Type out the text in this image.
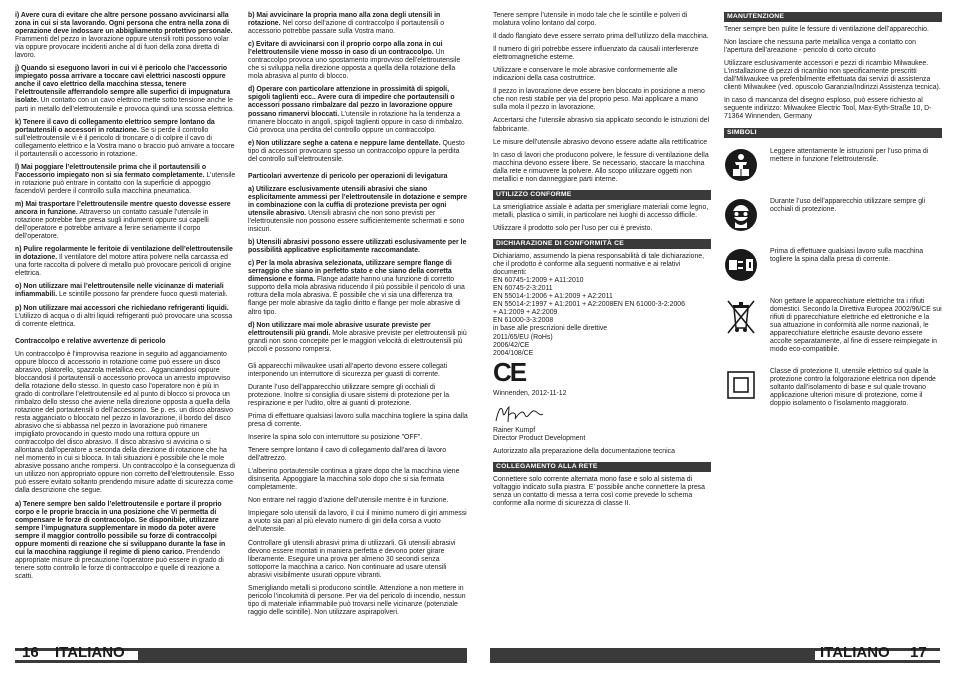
i) Avere cura di evitare che altre persone possano avvicinarsi alla zona in cui si sta lavorando. Ogni persona che entra nella zona di operazione deve indossare un abbigliamento protettivo personale. Frammenti del pezzo in lavorazione oppure utensili rotti possono volar via oppure provocare incidenti anche al di fuori della zona diretta di lavoro.

j) Quando si eseguono lavori in cui vi è pericolo che l’accessorio impiegato possa arrivare a toccare cavi elettrici nascosti oppure anche il cavo elettrico della macchina stessa, tenere l’elettroutensile afferrandolo sempre alle superfici di impugnatura isolate. Un contatto con un cavo elettrico mette sotto tensione anche le parti in metallo dell’elettroutensile e provoca quindi una scossa elettrica.

k) Tenere il cavo di collegamento elettrico sempre lontano da portautensili o accessori in rotazione. Se si perde il controllo sull’elettroutensile vi è il pericolo di troncare o di colpire il cavo di collegamento elettrico e la Vostra mano o braccio può arrivare a toccare il portautensili o accessorio in rotazione.

l) Mai poggiare l’elettroutensile prima che il portautensili o l’accessorio impiegato non si sia fermato completamente. L’utensile in rotazione può entrare in contatto con la superficie di appoggio facendoVi perdere il controllo sulla macchina pneumatica.

m) Mai trasportare l’elettroutensile mentre questo dovesse essere ancora in funzione. Attraverso un contatto casuale l’utensile in rotazione potrebbe fare presa sugli indumenti oppure sui capelli dell’operatore e potrebbe arrivare a ferire seriamente il corpo dell’operatore.

n) Pulire regolarmente le feritoie di ventilazione dell’elettroutensile in dotazione. Il ventilatore del motore attira polvere nella carcassa ed una forte raccolta di polvere di metallo può provocare pericoli di origine elettrica.

o) Non utilizzare mai l’elettroutensile nelle vicinanze di materiali infiammabili. Le scintille possono far prendere fuoco questi materiali.

p) Non utilizzare mai accessori che richiedano refrigeranti liquidi. L’utilizzo di acqua o di altri liquidi refrigeranti può provocare una scossa di corrente elettrica.

Contraccolpo e relative avvertenze di pericolo

Un contraccolpo è l’improvvisa reazione in seguito ad agganciamento oppure blocco di accessorio in rotazione come può essere un disco abrasivo, platorello, spazzola metallica ecc.. Agganciandosi oppure bloccandosi il portautensili o accessorio provoca un arresto improvviso della rotazione dello stesso. In questo caso l’operatore non è più in grado di controllare l’elettroutensile ed al punto di blocco si provoca un rimbalzo dello stesso che aviene nella direzione opposta a quella della rotazione del portautensili o dell’accessorio. Se p. es. un disco abrasivo resta agganciato o bloccato nel pezzo in lavorazione, il bordo del disco abrasivo che si abbassa nel pezzo in lavorazione può rimanere impigliato provocando in questo modo una rottura oppure un contraccolpo del disco abrasivo. Il disco abrasivo si avvicina o si allontana dall’operatore a seconda della direzione di rotazione che ha nel momento in cui si blocca. In tali situazioni è possibile che le mole abrasive possano anche rompersi. Un contraccolpo è la conseguenza di un utilizzo non appropriato oppure non corretto dell’elettroutensile. Esso può essere evitato soltanto prendendo misure adatte di sicurezza come dalla descrizione che segue.

a) Tenere sempre ben saldo l’elettroutensile e portare il proprio corpo e le proprie braccia in una posizione che Vi permetta di compensare le forze di contraccolpo. Se disponibile, utilizzare sempre l’impugnatura supplementare in modo da poter avere sempre il maggior controllo possibile su forze di contraccolpi oppure momenti di reazione che si sviluppano durante la fase in cui la macchina raggiunge il regime di pieno carico. Prendendo appropriate misure di precauzione l’operatore può essere in grado di tenere sotto controllo le forze di contraccolpo e quelle di reazione a scatti.

b) Mai avvicinare la propria mano alla zona degli utensili in rotazione. Nel corso dell’azione di contraccolpo il portautensili o accessorio potrebbe passare sulla Vostra mano.

c) Evitare di avvicinarsi con il proprio corpo alla zona in cui l’elettroutensile viene mosso in caso di un contraccolpo. Un contraccolpo provoca uno spostamento improvviso dell’elettroutensile che si sviluppa nella direzione opposta a quella della rotazione della mola abrasiva al punto di blocco.

d) Operare con particolare attenzione in prossimità di spigoli, spigoli taglienti ecc.. Avere cura di impedire che portautensili o accessori possano rimbalzare dal pezzo in lavorazione oppure possano rimanervi bloccati. L’utensile in rotazione ha la tendenza a rimanere bloccato in angoli, spigoli taglienti oppure in caso di rimbalzo. Ciò provoca una perdita del controllo oppure un contraccolpo.

e) Non utilizzare seghe a catena e neppure lame dentellate. Questo tipo di accessori provocano spesso un contraccolpo oppure la perdita del controllo sull’elettroutensile.

Particolari avvertenze di pericolo per operazioni di levigatura

a) Utilizzare esclusivamente utensili abrasivi che siano esplicitamente ammessi per l’elettroutensile in dotazione e sempre in combinazione con la cuffia di protezione prevista per ogni utensile abrasivo. Utensili abrasivi che non sono previsti per l’elettroutensile non possono essere sufficientemente schermati e sono insicuri.

b) Utensili abrasivi possono essere utilizzati esclusivamente per le possibilità applicative esplicitamente raccomandate.

c) Per la mola abrasiva selezionata, utilizzare sempre flange di serraggio che siano in perfetto stato e che siano della corretta dimensione e forma. Flange adatte hanno una funzione di corretto supporto della mola abrasiva riducendo il più possibile il pericolo di una rottura della mola abrasiva. È possibile che vi sia una differenza tra flange per mole abrasive da taglio diritto e flange per mole abrasive di altro tipo.

d) Non utilizzare mai mole abrasive usurate previste per elettroutensili più grandi. Mole abrasive previste per elettroutensili più grandi non sono concepite per le maggiori velocità di elettroutensili più piccoli e possono rompersi.

Gli apparecchi milwaukee usati all’aperto devono essere collegati interponendo un interruttore di sicurezza per guasti di corrente.

Durante l’uso dell’apparecchio utilizzare sempre gli occhiali di protezione. Inoltre si consiglia di usare sistemi di protezione per la respirazione e per l’udito, oltre ai guanti di protezione.

Prima di effettuare qualsiasi lavoro sulla macchina togliere la spina dalla presa di corrente.

Inserire la spina solo con interruttore su posizione "OFF".

Tenere sempre lontano il cavo di collegamento dall’area di lavoro dell’attrezzo.

L’alberino portautensile continua a girare dopo che la macchina viene disinserita. Appoggiare la macchina solo dopo che si sia fermata completamente.

Non entrare nel raggio d’azione dell’utensile mentre è in funzione.

Impiegare solo utensili da lavoro, il cui il minimo numero di giri ammessi a vuoto sia pari al più elevato numero di giri della corsa a vuoto dell’utensile.

Controllare gli utensili abrasivi prima di utilizzarli. Gli utensili abrasivi devono essere montati in maniera perfetta e devono poter girare liberamente. Eseguire una prova per almeno 30 secondi senza sottoporre la macchina a carico. Non continuare ad usare utensili abrasivi visibilmente usurati oppure vibranti.

Smerigliando metalli si producono scintille. Attenzione a non mettere in pericolo l’incolumità di persone. Per via del pericolo di incendio, nessun tipo di materiale infiammabile può trovarsi nelle vicinanze (potenziale raggio delle scintille). Non utilizzare aspirapolveri.

Tenere sempre l’utensile in modo tale che le scintille e polveri di molatura volino lontano dal corpo.

Il dado flangiato deve essere serrato prima dell’utilizzo della macchina.

Il numero di giri potrebbe essere influenzato da causali interferenze elettromagnetiche esterne.

Utilizzare e conservare le mole abrasive conformemente alle indicazioni della casa costruttrice.

Il pezzo in lavorazione deve essere ben bloccato in posizione a meno che non resti stabile per via del proprio peso. Mai applicare a mano sulla mola il pezzo in lavorazione.

Accertarsi che l’utensile abrasivo sia applicato secondo le istruzioni del fabbricante.

Le misure dell’utensile abrasivo devono essere adatte alla rettificatrice

In caso di lavori che producono polvere, le fessure di ventilazione della macchina devono essere libere. Se necessario, staccare la macchina dalla rete e rimuovere la polvere. Allo scopo utilizzare oggetti non metallici e non danneggiare parti interne.

UTILIZZO CONFORME

La smerigliatrice assiale è adatta per smerigliare materiali come legno, metalli, plastica o simili, in particolare nei luoghi di accesso difficile.

Utilizzare il prodotto solo per l’uso per cui è previsto.

DICHIARAZIONE DI CONFORMITÀ CE

Dichiariamo, assumendo la piena responsabilità di tale dichiarazione, che il prodotto è conforme alla seguenti normative e ai relativi documenti:

EN 60745-1:2009 + A11:2010

EN 60745-2-3:2011

EN 55014-1:2006 + A1:2009 + A2:2011

EN 55014-2:1997 + A1:2001 + A2:2008EN EN 61000-3-2:2006

+ A1:2009 + A2:2009

EN 61000-3-3:2008

in base alle prescrizioni delle direttive

2011/65/EU (RoHs)

2006/42/CE

2004/108/CE

CE

Winnenden, 2012-11-12

Rainer Kumpf
Director Product Development

Autorizzato alla preparazione della documentazione tecnica

COLLEGAMENTO ALLA RETE

Connettere solo corrente alternata mono fase e solo al sistema di voltaggio indicato sulla piastra. E’ possibile anche connettere la presa senza un contatto di messa a terra così come prevede lo schema conforme alla norme di sicurezza di classe II.

MANUTENZIONE

Tener sempre ben pulite le fessure di ventilazione dell’apparecchio.

Non lasciare che nessuna parte metallica venga a contatto con l’apertura dell’areazione - pericolo di corto circuito

Utilizzare esclusivamente accessori e pezzi di ricambio Milwaukee. L’installazione di pezzi di ricambio non specificamente prescritti dall’Milwaukee va preferibilmente effettuata dai servizi di assistenza clienti Milwaukee (ved. opuscolo Garanzia/Indirizzi Assistenza tecnica).

In caso di mancanza del disegno esploso, può essere richiesto al seguente indirizzo: Milwaukee Electric Tool, Max-Eyth-Straße 10, D-71364 Winnenden, Germany

SIMBOLI
Leggere attentamente le istruzioni per l’uso prima di mettere in funzione l’elettroutensile.
Durante l’uso dell’apparecchio utilizzare sempre gli occhiali di protezione.
Prima di effettuare qualsiasi lavoro sulla macchina togliere la spina dalla presa di corrente.
Non gettare le apparecchiature elettriche tra i rifiuti domestici. Secondo la Direttiva Europea 2002/96/CE sui rifiuti di pparecchiature elettriche ed elettroniche e la sua attuazione in conformità alle norme nazionali, le apparecchiature elettriche esauste devono essere accolte separatamente, al fine di essere reimpiegate in modo eco-compatibile.
Classe di protezione II, utensile elettrico sul quale la protezione contro la folgorazione elettrica non dipende soltanto dall’isolamento di base e sul quale trovano applicazione ulteriori misure di protezione, come il doppio isolamento o l’isolamento maggiorato.
16 ITALIANO	ITALIANO 17
